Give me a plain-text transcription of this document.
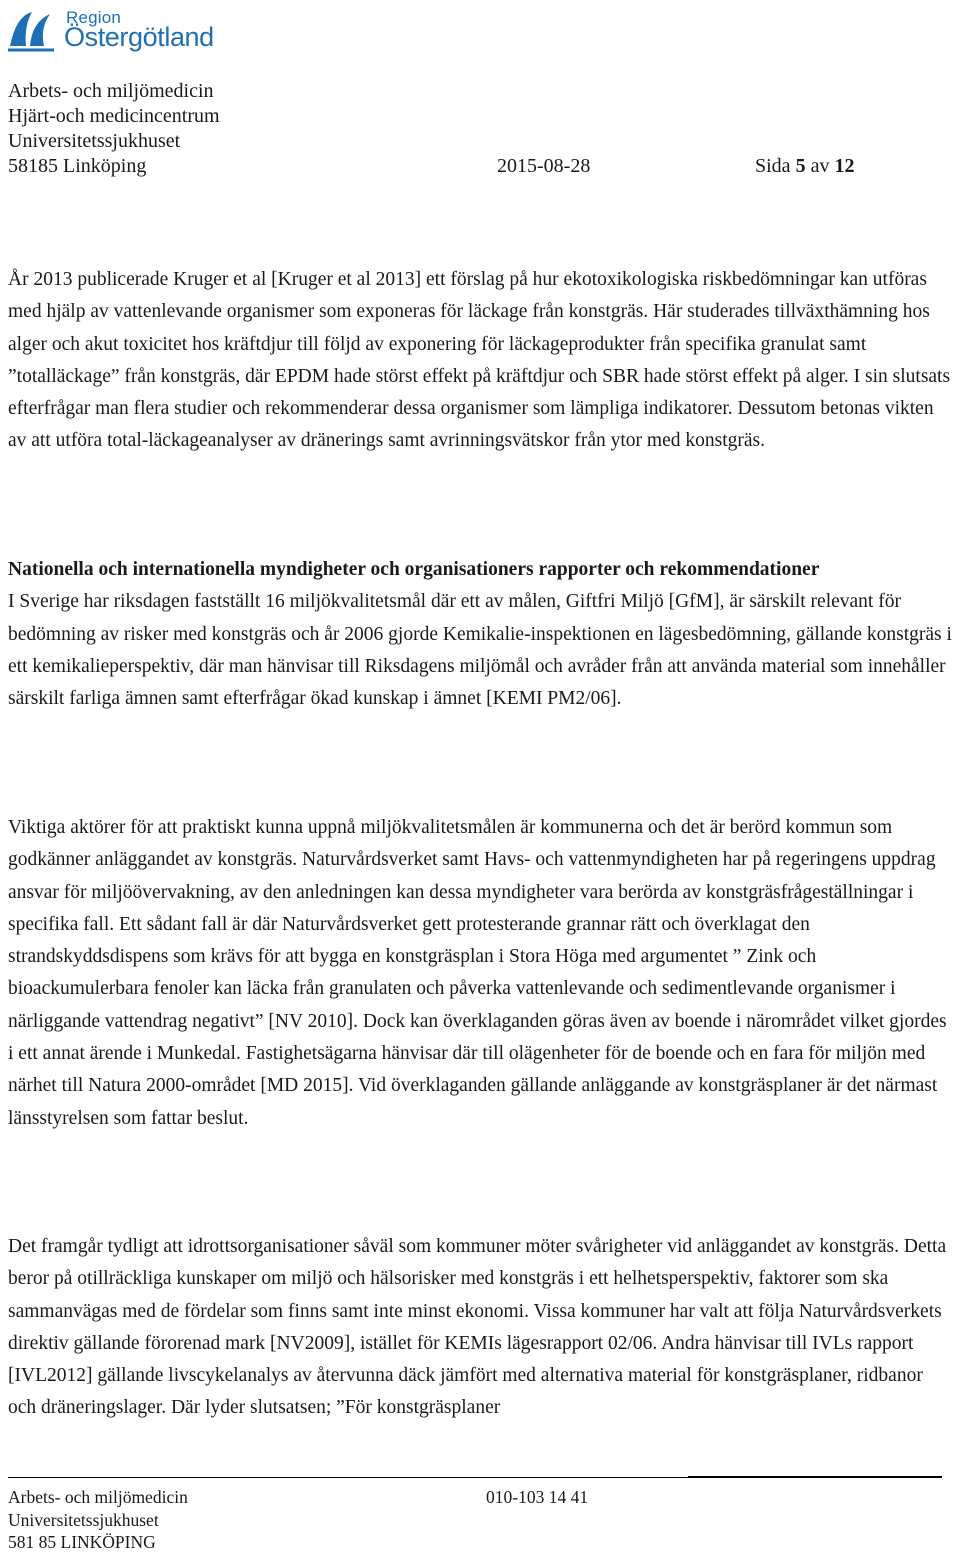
Region
Östergötland
Arbets- och miljömedicin
Hjärt-och medicincentrum
Universitetssjukhuset
58185 Linköping	2015-08-28	Sida 5 av 12

År 2013 publicerade Kruger et al [Kruger et al 2013] ett förslag på hur ekotoxikologiska riskbedömningar kan utföras med hjälp av vattenlevande organismer som exponeras för läckage från konstgräs. Här studerades tillväxthämning hos alger och akut toxicitet hos kräftdjur till följd av exponering för läckageprodukter från specifika granulat samt ”totalläckage” från konstgräs, där EPDM hade störst effekt på kräftdjur och SBR hade störst effekt på alger. I sin slutsats efterfrågar man flera studier och rekommenderar dessa organismer som lämpliga indikatorer. Dessutom betonas vikten av att utföra total-läckageanalyser av dränerings samt avrinningsvätskor från ytor med konstgräs.

Nationella och internationella myndigheter och organisationers rapporter och rekommendationer

I Sverige har riksdagen fastställt 16 miljökvalitetsmål där ett av målen, Giftfri Miljö [GfM], är särskilt relevant för bedömning av risker med konstgräs och år 2006 gjorde Kemikalie-inspektionen en lägesbedömning, gällande konstgräs i ett kemikalieperspektiv, där man hänvisar till Riksdagens miljömål och avråder från att använda material som innehåller särskilt farliga ämnen samt efterfrågar ökad kunskap i ämnet [KEMI PM2/06].

Viktiga aktörer för att praktiskt kunna uppnå miljökvalitetsmålen är kommunerna och det är berörd kommun som godkänner anläggandet av konstgräs. Naturvårdsverket samt Havs- och vattenmyndigheten har på regeringens uppdrag ansvar för miljöövervakning, av den anledningen kan dessa myndigheter vara berörda av konstgräsfrågeställningar i specifika fall. Ett sådant fall är där Naturvårdsverket gett protesterande grannar rätt och överklagat den strandskyddsdispens som krävs för att bygga en konstgräsplan i Stora Höga med argumentet ” Zink och bioackumulerbara fenoler kan läcka från granulaten och påverka vattenlevande och sedimentlevande organismer i närliggande vattendrag negativt” [NV 2010]. Dock kan överklaganden göras även av boende i närområdet vilket gjordes i ett annat ärende i Munkedal. Fastighetsägarna hänvisar där till olägenheter för de boende och en fara för miljön med närhet till Natura 2000-området [MD 2015]. Vid överklaganden gällande anläggande av konstgräsplaner är det närmast länsstyrelsen som fattar beslut.

Det framgår tydligt att idrottsorganisationer såväl som kommuner möter svårigheter vid anläggandet av konstgräs. Detta beror på otillräckliga kunskaper om miljö och hälsorisker med konstgräs i ett helhetsperspektiv, faktorer som ska sammanvägas med de fördelar som finns samt inte minst ekonomi. Vissa kommuner har valt att följa Naturvårdsverkets direktiv gällande förorenad mark [NV2009], istället för KEMIs lägesrapport 02/06. Andra hänvisar till IVLs rapport [IVL2012] gällande livscykelanalys av återvunna däck jämfört med alternativa material för konstgräsplaner, ridbanor och dräneringslager. Där lyder slutsatsen; ”För konstgräsplaner

Arbets- och miljömedicin	010-103 14 41
Universitetssjukhuset
581 85 LINKÖPING
